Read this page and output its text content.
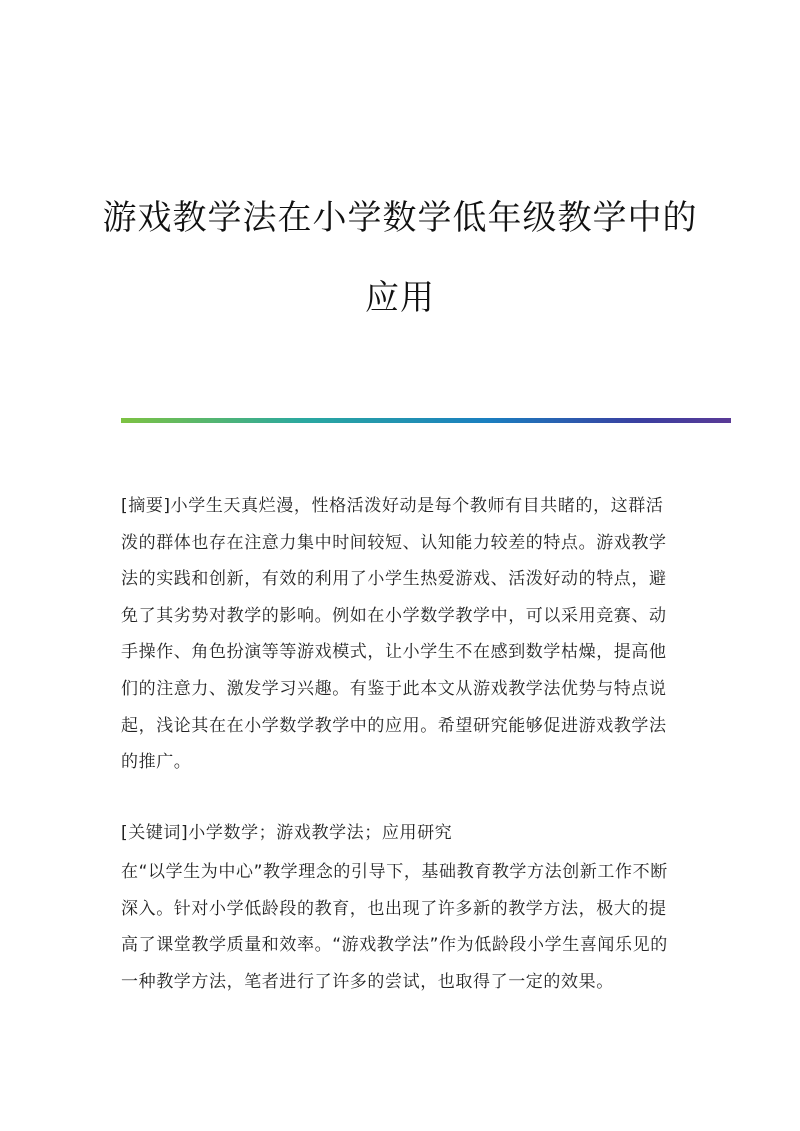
游戏教学法在小学数学低年级教学中的
应用

[摘要]小学生天真烂漫，性格活泼好动是每个教师有目共睹的，这群活泼的群体也存在注意力集中时间较短、认知能力较差的特点。游戏教学法的实践和创新，有效的利用了小学生热爱游戏、活泼好动的特点，避免了其劣势对教学的影响。例如在小学数学教学中，可以采用竞赛、动手操作、角色扮演等等游戏模式，让小学生不在感到数学枯燥，提高他们的注意力、激发学习兴趣。有鉴于此本文从游戏教学法优势与特点说起，浅论其在在小学数学教学中的应用。希望研究能够促进游戏教学法的推广。

[关键词]小学数学；游戏教学法；应用研究

在“以学生为中心”教学理念的引导下，基础教育教学方法创新工作不断深入。针对小学低龄段的教育，也出现了许多新的教学方法，极大的提高了课堂教学质量和效率。“游戏教学法”作为低龄段小学生喜闻乐见的一种教学方法，笔者进行了许多的尝试，也取得了一定的效果。
